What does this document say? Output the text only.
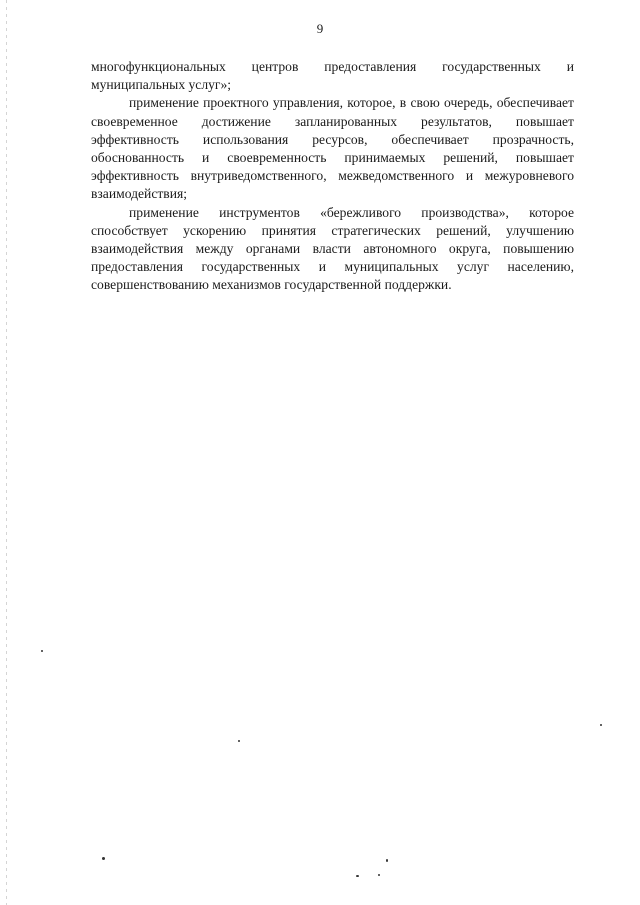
9

многофункциональных центров предоставления государственных и муниципальных услуг»;

применение проектного управления, которое, в свою очередь, обеспечивает своевременное достижение запланированных результатов, повышает эффективность использования ресурсов, обеспечивает прозрачность, обоснованность и своевременность принимаемых решений, повышает эффективность внутриведомственного, межведомственного и межуровневого взаимодействия;

применение инструментов «бережливого производства», которое способствует ускорению принятия стратегических решений, улучшению взаимодействия между органами власти автономного округа, повышению предоставления государственных и муниципальных услуг населению, совершенствованию механизмов государственной поддержки.
